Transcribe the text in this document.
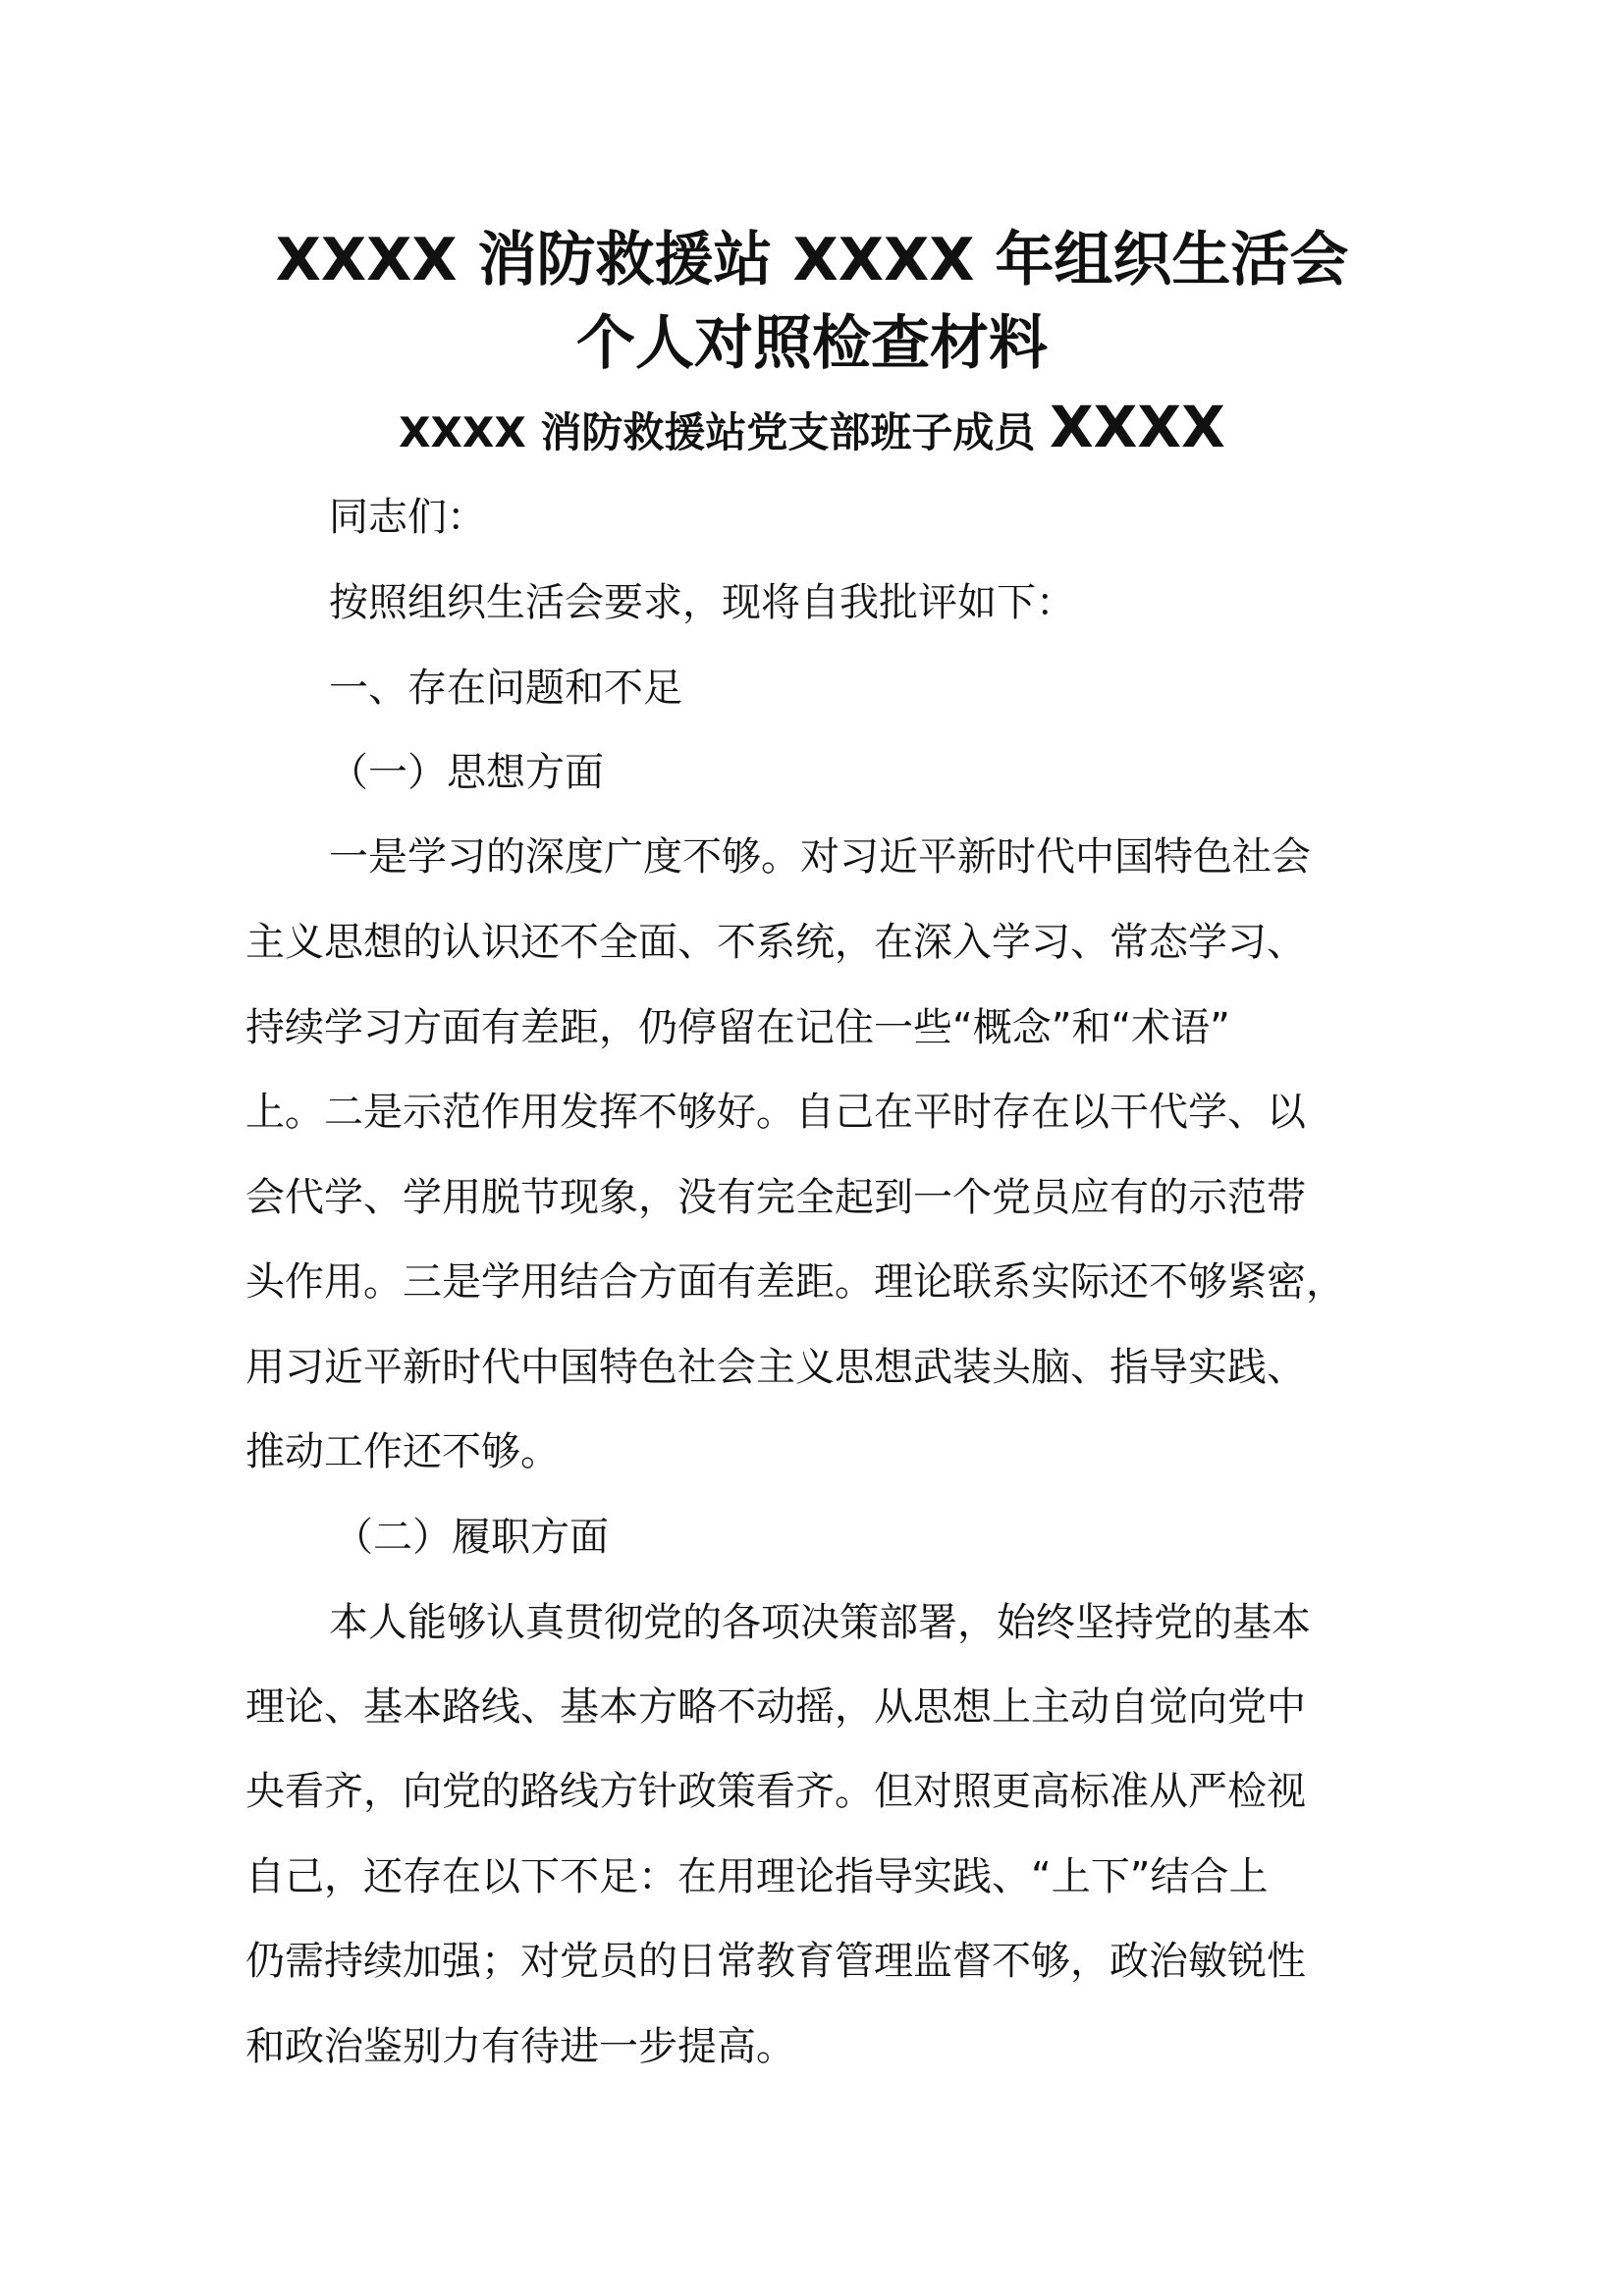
XXXX 消防救援站 XXXX 年组织生活会
个人对照检查材料
XXXX 消防救援站党支部班子成员 XXXX
同志们：
按照组织生活会要求，现将自我批评如下：
一、存在问题和不足
（一）思想方面
一是学习的深度广度不够。对习近平新时代中国特色社会
主义思想的认识还不全面、不系统，在深入学习、常态学习、
持续学习方面有差距，仍停留在记住一些“概念”和“术语”
上。二是示范作用发挥不够好。自己在平时存在以干代学、以
会代学、学用脱节现象，没有完全起到一个党员应有的示范带
头作用。三是学用结合方面有差距。理论联系实际还不够紧密，
用习近平新时代中国特色社会主义思想武装头脑、指导实践、
推动工作还不够。
（二）履职方面
本人能够认真贯彻党的各项决策部署，始终坚持党的基本
理论、基本路线、基本方略不动摇，从思想上主动自觉向党中
央看齐，向党的路线方针政策看齐。但对照更高标准从严检视
自己，还存在以下不足：在用理论指导实践、“上下”结合上
仍需持续加强；对党员的日常教育管理监督不够，政治敏锐性
和政治鉴别力有待进一步提高。
